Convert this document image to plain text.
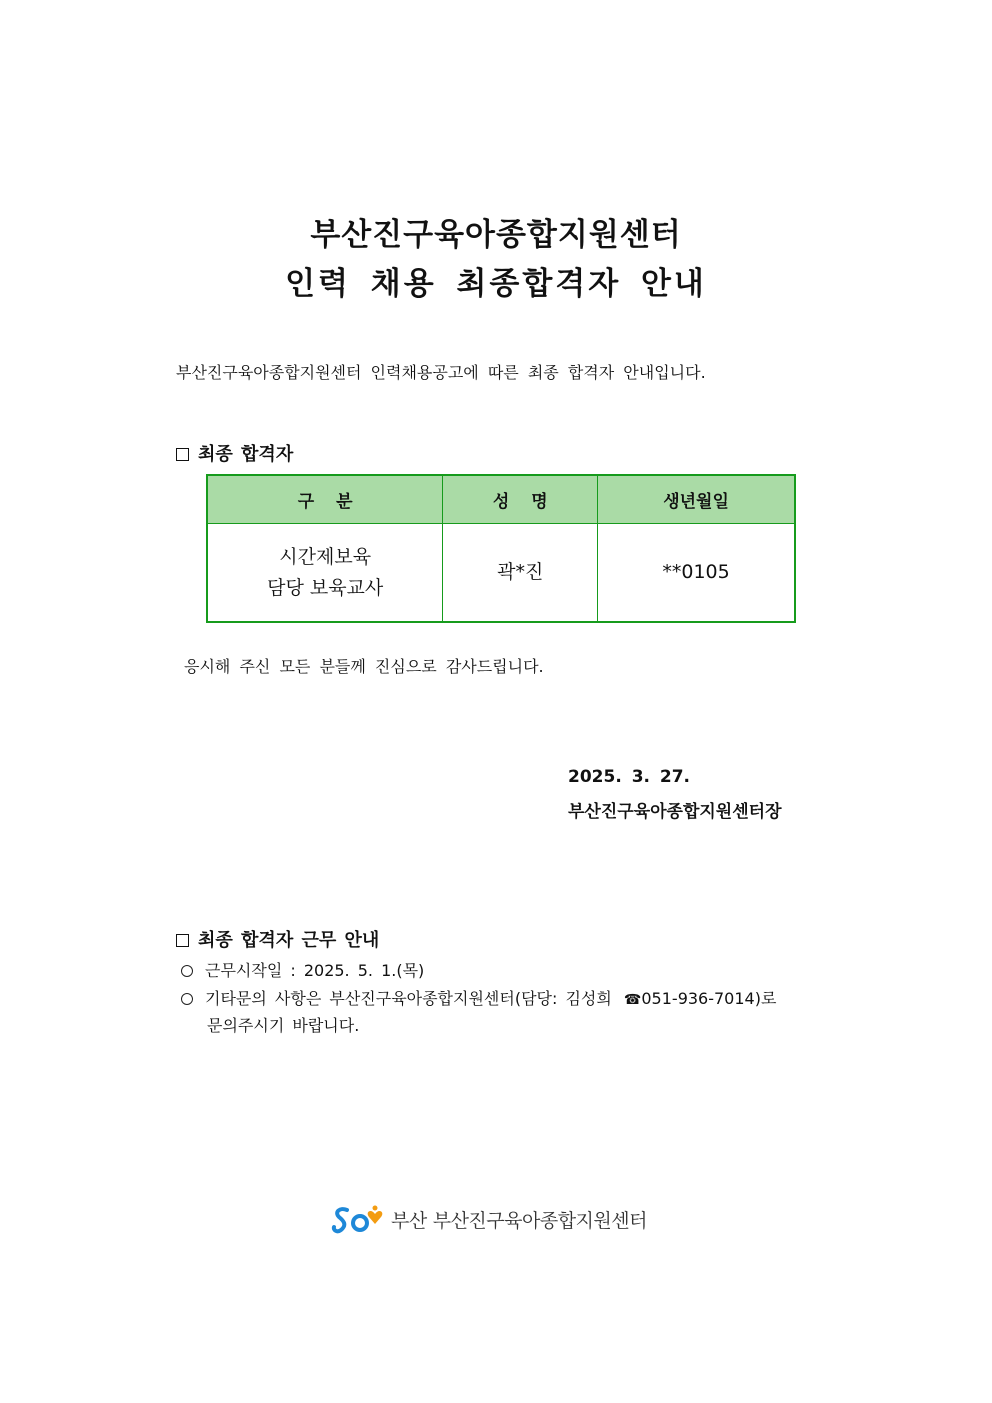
부산진구육아종합지원센터
인력 채용 최종합격자 안내
부산진구육아종합지원센터 인력채용공고에 따른 최종 합격자 안내입니다.
최종 합격자
구 분	성 명	생년월일

시간제보육
담당 보육교사	곽*진	**0105
응시해 주신 모든 분들께 진심으로 감사드립니다.
2025. 3. 27.
부산진구육아종합지원센터장
최종 합격자 근무 안내
근무시작일 : 2025. 5. 1.(목)
기타문의 사항은 부산진구육아종합지원센터(담당: 김성희 ☎051-936-7014)로
문의주시기 바랍니다.
부산 부산진구육아종합지원센터
